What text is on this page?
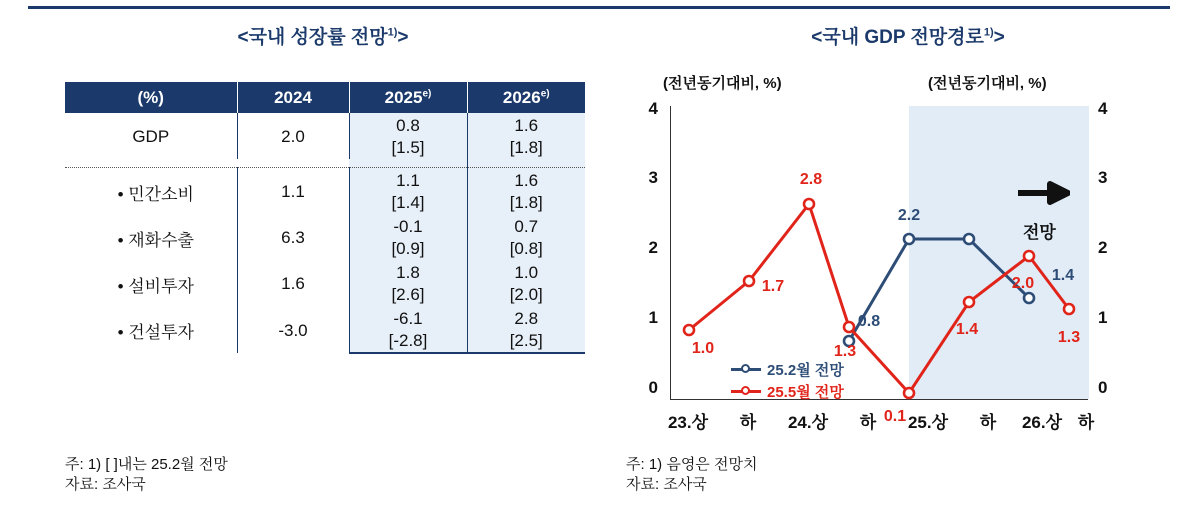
<국내 성장률 전망$^{1)}$>
(%)	2024	2025$^{e)}$	2026$^{e)}$
GDP	2.0	0.8	1.6
		[1.5]	[1.8]

• 민간소비	1.1	1.1	1.6
		[1.4]	[1.8]
• 재화수출	6.3	-0.1	0.7
		[0.9]	[0.8]
• 설비투자	1.6	1.8	1.0
		[2.6]	[2.0]
• 건설투자	-3.0	-6.1	2.8
		[-2.8]	[2.5]
주: 1) [ ]내는 25.2월 전망
자료: 조사국
<국내 GDP 전망경로$^{1)}$>
(전년동기대비, %)	(전년동기대비, %)
4
3
2
1
0
4
3
2
1
0
1.0
1.7
2.8
1.3
0.1
1.4
2.0
1.3
0.8
2.2
1.4
전망
25.2월 전망
25.5월 전망
23.상 하 24.상 하 25.상 하 26.상 하
주: 1) 음영은 전망치
자료: 조사국
